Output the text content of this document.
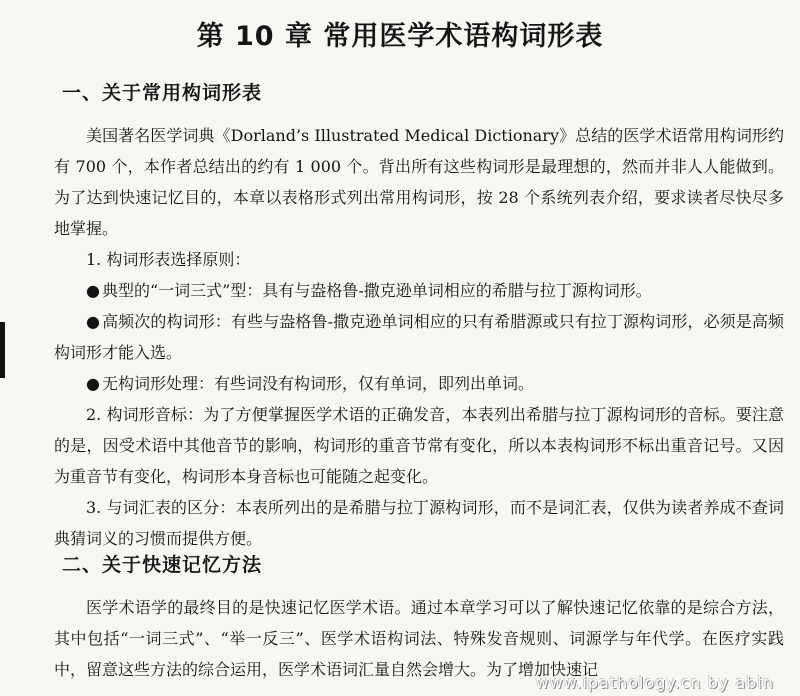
第 10 章 常用医学术语构词形表
一、关于常用构词形表

美国著名医学词典《Dorland’s Illustrated Medical Dictionary》总结的医学术语常用构词形约有 700 个，本作者总结出的约有 1 000 个。背出所有这些构词形是最理想的，然而并非人人能做到。为了达到快速记忆目的，本章以表格形式列出常用构词形，按 28 个系统列表介绍，要求读者尽快尽多地掌握。

1. 构词形表选择原则：

● 典型的“一词三式”型：具有与盎格鲁-撒克逊单词相应的希腊与拉丁源构词形。

● 高频次的构词形：有些与盎格鲁-撒克逊单词相应的只有希腊源或只有拉丁源构词形，必须是高频构词形才能入选。

● 无构词形处理：有些词没有构词形，仅有单词，即列出单词。

2. 构词形音标：为了方便掌握医学术语的正确发音，本表列出希腊与拉丁源构词形的音标。要注意的是，因受术语中其他音节的影响，构词形的重音节常有变化，所以本表构词形不标出重音记号。又因为重音节有变化，构词形本身音标也可能随之起变化。

3. 与词汇表的区分：本表所列出的是希腊与拉丁源构词形，而不是词汇表，仅供为读者养成不查词典猜词义的习惯而提供方便。

二、关于快速记忆方法

医学术语学的最终目的是快速记忆医学术语。通过本章学习可以了解快速记忆依靠的是综合方法，其中包括“一词三式”、“举一反三”、医学术语构词法、特殊发音规则、词源学与年代学。在医疗实践中，留意这些方法的综合运用，医学术语词汇量自然会增大。为了增加快速记

www.ipathology.cn by abin
